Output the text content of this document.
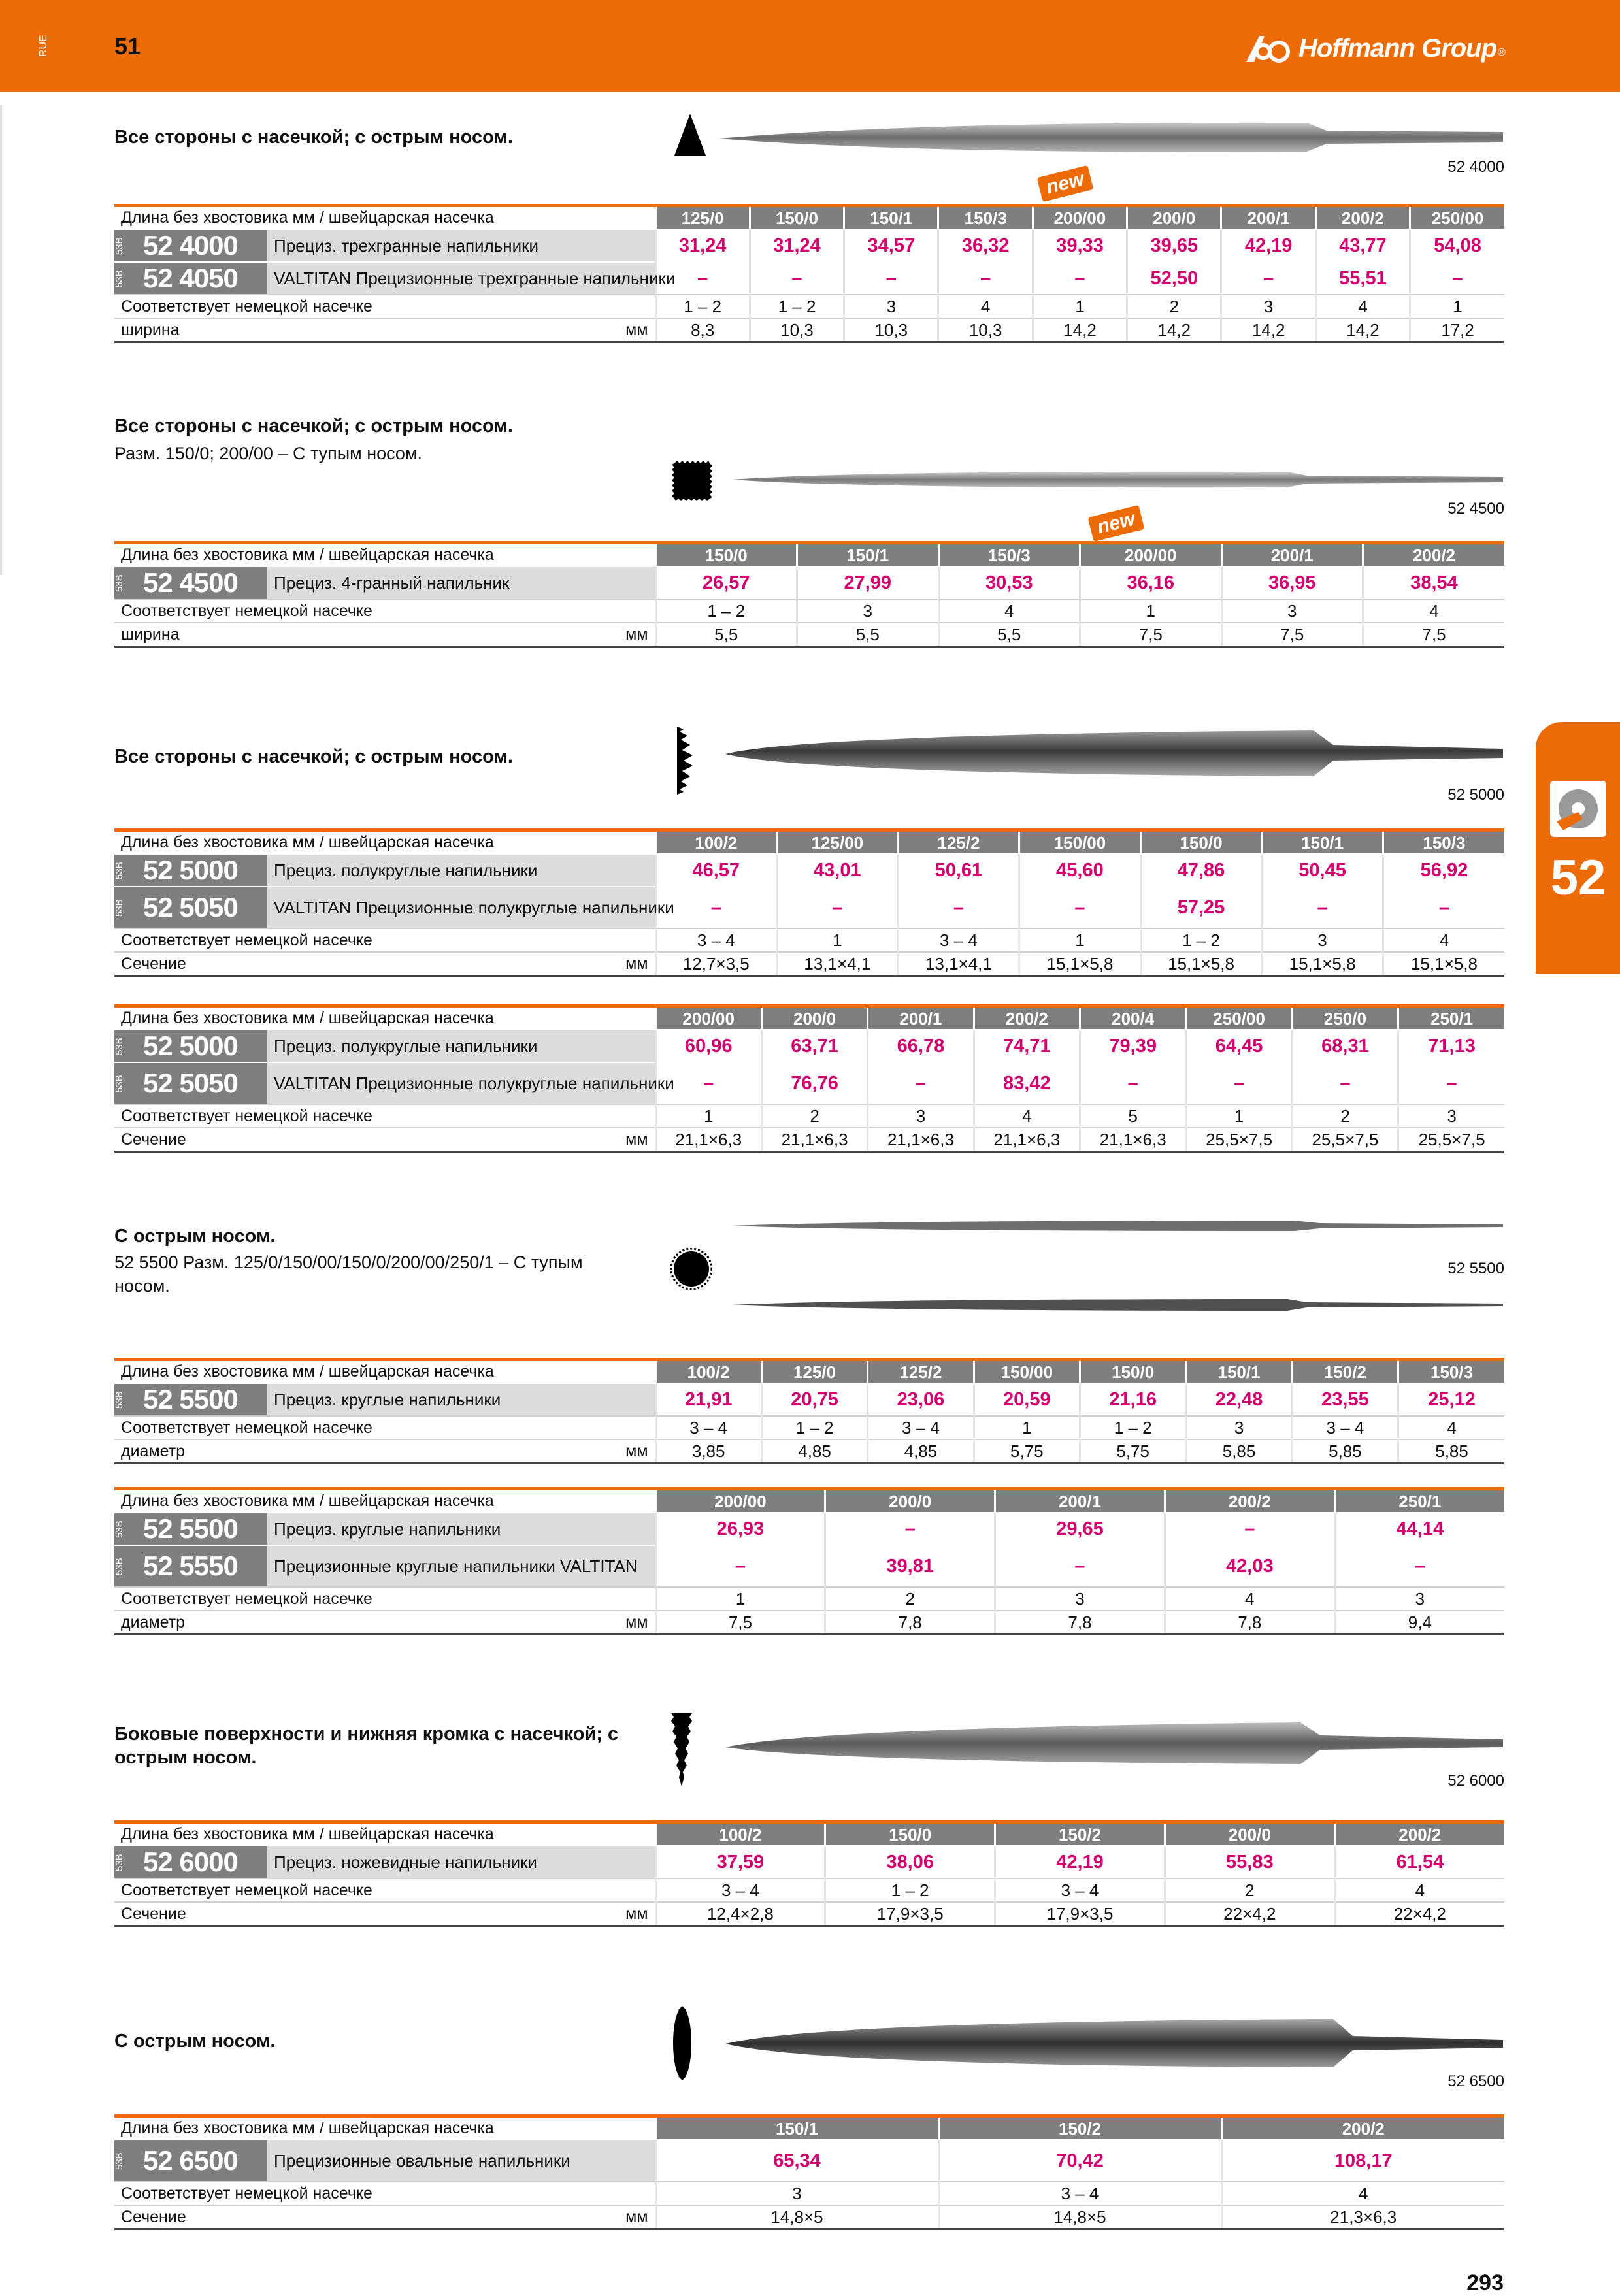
RUE	51	Hoffmann Group ®
52
Все стороны с насечкой; с острым носом.
52 4000
new
Длина без хвостовика мм / швейцарская насечка	125/0	150/0	150/1	150/3	200/00	200/0	200/1	200/2	250/00

53B 52 4000 Прециз. трехгранные напильники	31,24	31,24	34,57	36,32	39,33	39,65	42,19	43,77	54,08

53B 52 4050 VALTITAN Прецизионные трехгранные напильники	–	–	–	–	–	52,50	–	55,51	–
Соответствует немецкой насечке	1 – 2	1 – 2	3	4	1	2	3	4	1

ширина мм	8,3	10,3	10,3	10,3	14,2	14,2	14,2	14,2	17,2
Все стороны с насечкой; с острым носом.
Разм. 150/0; 200/00 – С тупым носом.
52 4500
new
Длина без хвостовика мм / швейцарская насечка	150/0	150/1	150/3	200/00	200/1	200/2

53B 52 4500 Прециз. 4-гранный напильник	26,57	27,99	30,53	36,16	36,95	38,54
Соответствует немецкой насечке	1 – 2	3	4	1	3	4

ширина мм	5,5	5,5	5,5	7,5	7,5	7,5
Все стороны с насечкой; с острым носом.
52 5000
Длина без хвостовика мм / швейцарская насечка	100/2	125/00	125/2	150/00	150/0	150/1	150/3

53B 52 5000 Прециз. полукруглые напильники	46,57	43,01	50,61	45,60	47,86	50,45	56,92

53B 52 5050 VALTITAN Прецизионные полукруглые напильники	–	–	–	–	57,25	–	–
Соответствует немецкой насечке	3 – 4	1	3 – 4	1	1 – 2	3	4

Сечение мм	12,7×3,5	13,1×4,1	13,1×4,1	15,1×5,8	15,1×5,8	15,1×5,8	15,1×5,8
Длина без хвостовика мм / швейцарская насечка	200/00	200/0	200/1	200/2	200/4	250/00	250/0	250/1

53B 52 5000 Прециз. полукруглые напильники	60,96	63,71	66,78	74,71	79,39	64,45	68,31	71,13

53B 52 5050 VALTITAN Прецизионные полукруглые напильники	–	76,76	–	83,42	–	–	–	–
Соответствует немецкой насечке	1	2	3	4	5	1	2	3

Сечение мм	21,1×6,3	21,1×6,3	21,1×6,3	21,1×6,3	21,1×6,3	25,5×7,5	25,5×7,5	25,5×7,5
С острым носом.
52 5500 Разм. 125/0/150/00/150/0/200/00/250/1 – С тупым носом.
52 5500
Длина без хвостовика мм / швейцарская насечка	100/2	125/0	125/2	150/00	150/0	150/1	150/2	150/3

53B 52 5500 Прециз. круглые напильники	21,91	20,75	23,06	20,59	21,16	22,48	23,55	25,12
Соответствует немецкой насечке	3 – 4	1 – 2	3 – 4	1	1 – 2	3	3 – 4	4

диаметр мм	3,85	4,85	4,85	5,75	5,75	5,85	5,85	5,85
Длина без хвостовика мм / швейцарская насечка	200/00	200/0	200/1	200/2	250/1

53B 52 5500 Прециз. круглые напильники	26,93	–	29,65	–	44,14

53B 52 5550 Прецизионные круглые напильники VALTITAN	–	39,81	–	42,03	–
Соответствует немецкой насечке	1	2	3	4	3

диаметр мм	7,5	7,8	7,8	7,8	9,4
Боковые поверхности и нижняя кромка с насечкой; с острым носом.
52 6000
Длина без хвостовика мм / швейцарская насечка	100/2	150/0	150/2	200/0	200/2

53B 52 6000 Прециз. ножевидные напильники	37,59	38,06	42,19	55,83	61,54
Соответствует немецкой насечке	3 – 4	1 – 2	3 – 4	2	4

Сечение мм	12,4×2,8	17,9×3,5	17,9×3,5	22×4,2	22×4,2
С острым носом.
52 6500
Длина без хвостовика мм / швейцарская насечка	150/1	150/2	200/2

53B 52 6500 Прецизионные овальные напильники	65,34	70,42	108,17
Соответствует немецкой насечке	3	3 – 4	4

Сечение мм	14,8×5	14,8×5	21,3×6,3
293
